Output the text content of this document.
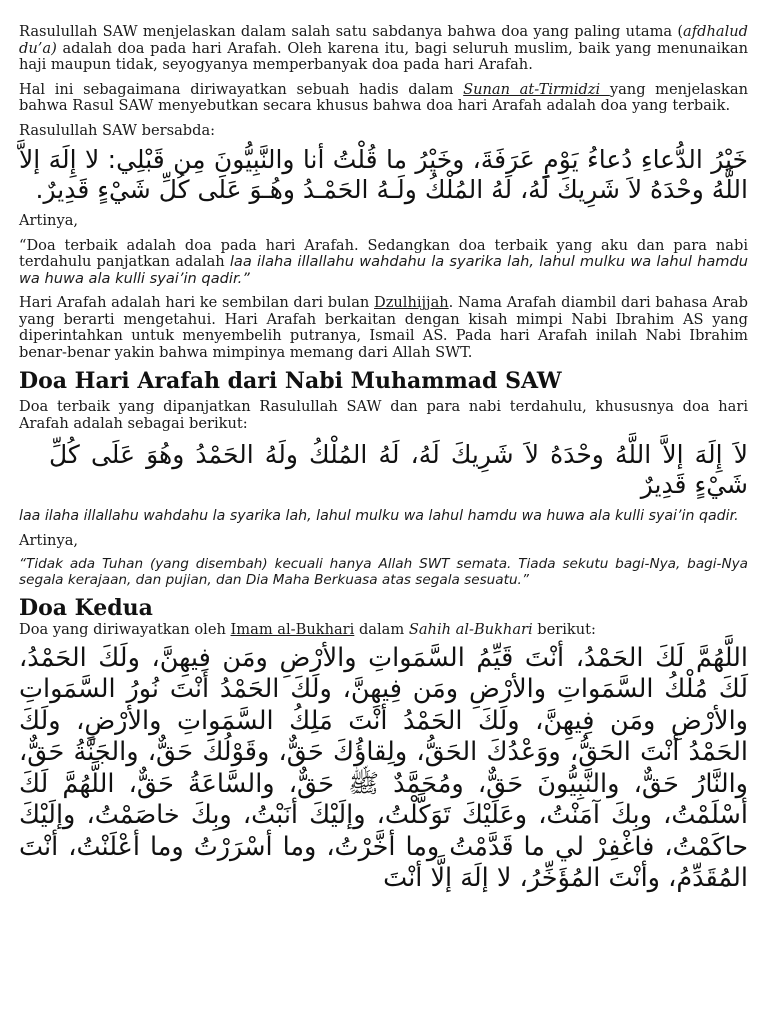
Rasulullah SAW menjelaskan dalam salah satu sabdanya bahwa doa yang paling utama (afdhalud du’a) adalah doa pada hari Arafah. Oleh karena itu, bagi seluruh muslim, baik yang menunaikan haji maupun tidak, seyogyanya memperbanyak doa pada hari Arafah.

Hal ini sebagaimana diriwayatkan sebuah hadis dalam Sunan at-Tirmidzi yang menjelaskan bahwa Rasul SAW menyebutkan secara khusus bahwa doa hari Arafah adalah doa yang terbaik.

Rasulullah SAW bersabda:

خَيْرُ الدُّعاءِ دُعاءُ يَوْمِ عَرَفَةَ، وخَيْرُ ما قُلْتُ أنا والنَّبِيُّونَ مِن قَبْلِي: لا إِلَهَ إلاَّ اللَّهُ وحْدَهُ لاَ شَرِيكَ لَهُ، لَهُ المُلْكُ ولَـهُ الحَمْـدُ وهُـوَ عَلَى كُلِّ شَيْءٍ قَدِيرٌ.

Artinya,

“Doa terbaik adalah doa pada hari Arafah. Sedangkan doa terbaik yang aku dan para nabi terdahulu panjatkan adalah laa ilaha illallahu wahdahu la syarika lah, lahul mulku wa lahul hamdu wa huwa ala kulli syai’in qadir.”

Hari Arafah adalah hari ke sembilan dari bulan Dzulhijjah. Nama Arafah diambil dari bahasa Arab yang berarti mengetahui. Hari Arafah berkaitan dengan kisah mimpi Nabi Ibrahim AS yang diperintahkan untuk menyembelih putranya, Ismail AS. Pada hari Arafah inilah Nabi Ibrahim benar-benar yakin bahwa mimpinya memang dari Allah SWT.

Doa Hari Arafah dari Nabi Muhammad SAW

Doa terbaik yang dipanjatkan Rasulullah SAW dan para nabi terdahulu, khususnya doa hari Arafah adalah sebagai berikut:

لاَ إِلَهَ إلاَّ اللَّهُ وحْدَهُ لاَ شَرِيكَ لَهُ، لَهُ المُلْكُ ولَهُ الحَمْدُ وهُوَ عَلَى كُلِّ شَيْءٍ قَدِيرٌ

laa ilaha illallahu wahdahu la syarika lah, lahul mulku wa lahul hamdu wa huwa ala kulli syai’in qadir.

Artinya,

“Tidak ada Tuhan (yang disembah) kecuali hanya Allah SWT semata. Tiada sekutu bagi-Nya, bagi-Nya segala kerajaan, dan pujian, dan Dia Maha Berkuasa atas segala sesuatu.”

Doa Kedua

Doa yang diriwayatkan oleh Imam al-Bukhari dalam Sahih al-Bukhari berikut:

اللَّهُمَّ لَكَ الحَمْدُ، أنْتَ قَيِّمُ السَّمَواتِ والأرْضِ ومَن فِيهِنَّ، ولَكَ الحَمْدُ، لَكَ مُلْكُ السَّمَواتِ والأرْضِ ومَن فِيهِنَّ، ولَكَ الحَمْدُ أنْتَ نُورُ السَّمَواتِ والأرْضِ ومَن فِيهِنَّ، ولَكَ الحَمْدُ أنْتَ مَلِكُ السَّمَواتِ والأرْضِ، ولَكَ الحَمْدُ أنْتَ الحَقُّ، ووَعْدُكَ الحَقُّ، ولِقاؤُكَ حَقٌّ، وقَوْلُكَ حَقٌّ، والجَنَّةُ حَقٌّ، والنَّارُ حَقٌّ، والنَّبِيُّونَ حَقٌّ، ومُحَمَّدٌ ﷺ حَقٌّ، والسَّاعَةُ حَقٌّ، اللَّهُمَّ لَكَ أسْلَمْتُ، وبِكَ آمَنْتُ، وعَلَيْكَ تَوَكَّلْتُ، وإلَيْكَ أنَبْتُ، وبِكَ خاصَمْتُ، وإلَيْكَ حاكَمْتُ، فاغْفِرْ لي ما قَدَّمْتُ وما أخَّرْتُ، وما أسْرَرْتُ وما أعْلَنْتُ، أنْتَ المُقَدِّمُ، وأنْتَ المُؤَخِّرُ، لا إلَهَ إلَّا أنْتَ
